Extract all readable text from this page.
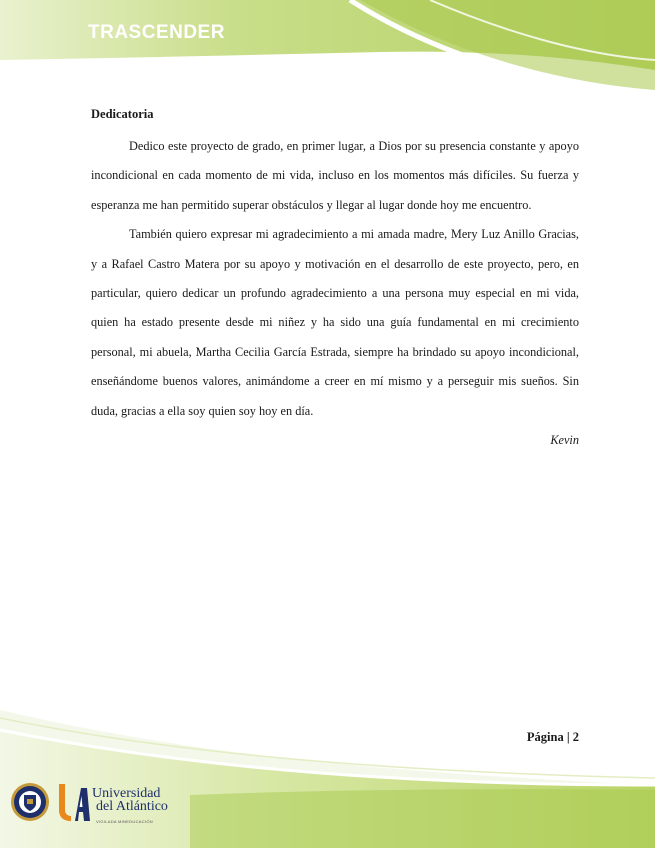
TRASCENDER

Dedicatoria

Dedico este proyecto de grado, en primer lugar, a Dios por su presencia constante y apoyo incondicional en cada momento de mi vida, incluso en los momentos más difíciles. Su fuerza y esperanza me han permitido superar obstáculos y llegar al lugar donde hoy me encuentro.

También quiero expresar mi agradecimiento a mi amada madre, Mery Luz Anillo Gracias, y a Rafael Castro Matera por su apoyo y motivación en el desarrollo de este proyecto, pero, en particular, quiero dedicar un profundo agradecimiento a una persona muy especial en mi vida, quien ha estado presente desde mi niñez y ha sido una guía fundamental en mi crecimiento personal, mi abuela, Martha Cecilia García Estrada, siempre ha brindado su apoyo incondicional, enseñándome buenos valores, animándome a creer en mí mismo y a perseguir mis sueños. Sin duda, gracias a ella soy quien soy hoy en día.

Kevin

Página | 2
Universidad
del Atlántico
VIGILADA MINEDUCACIÓN
